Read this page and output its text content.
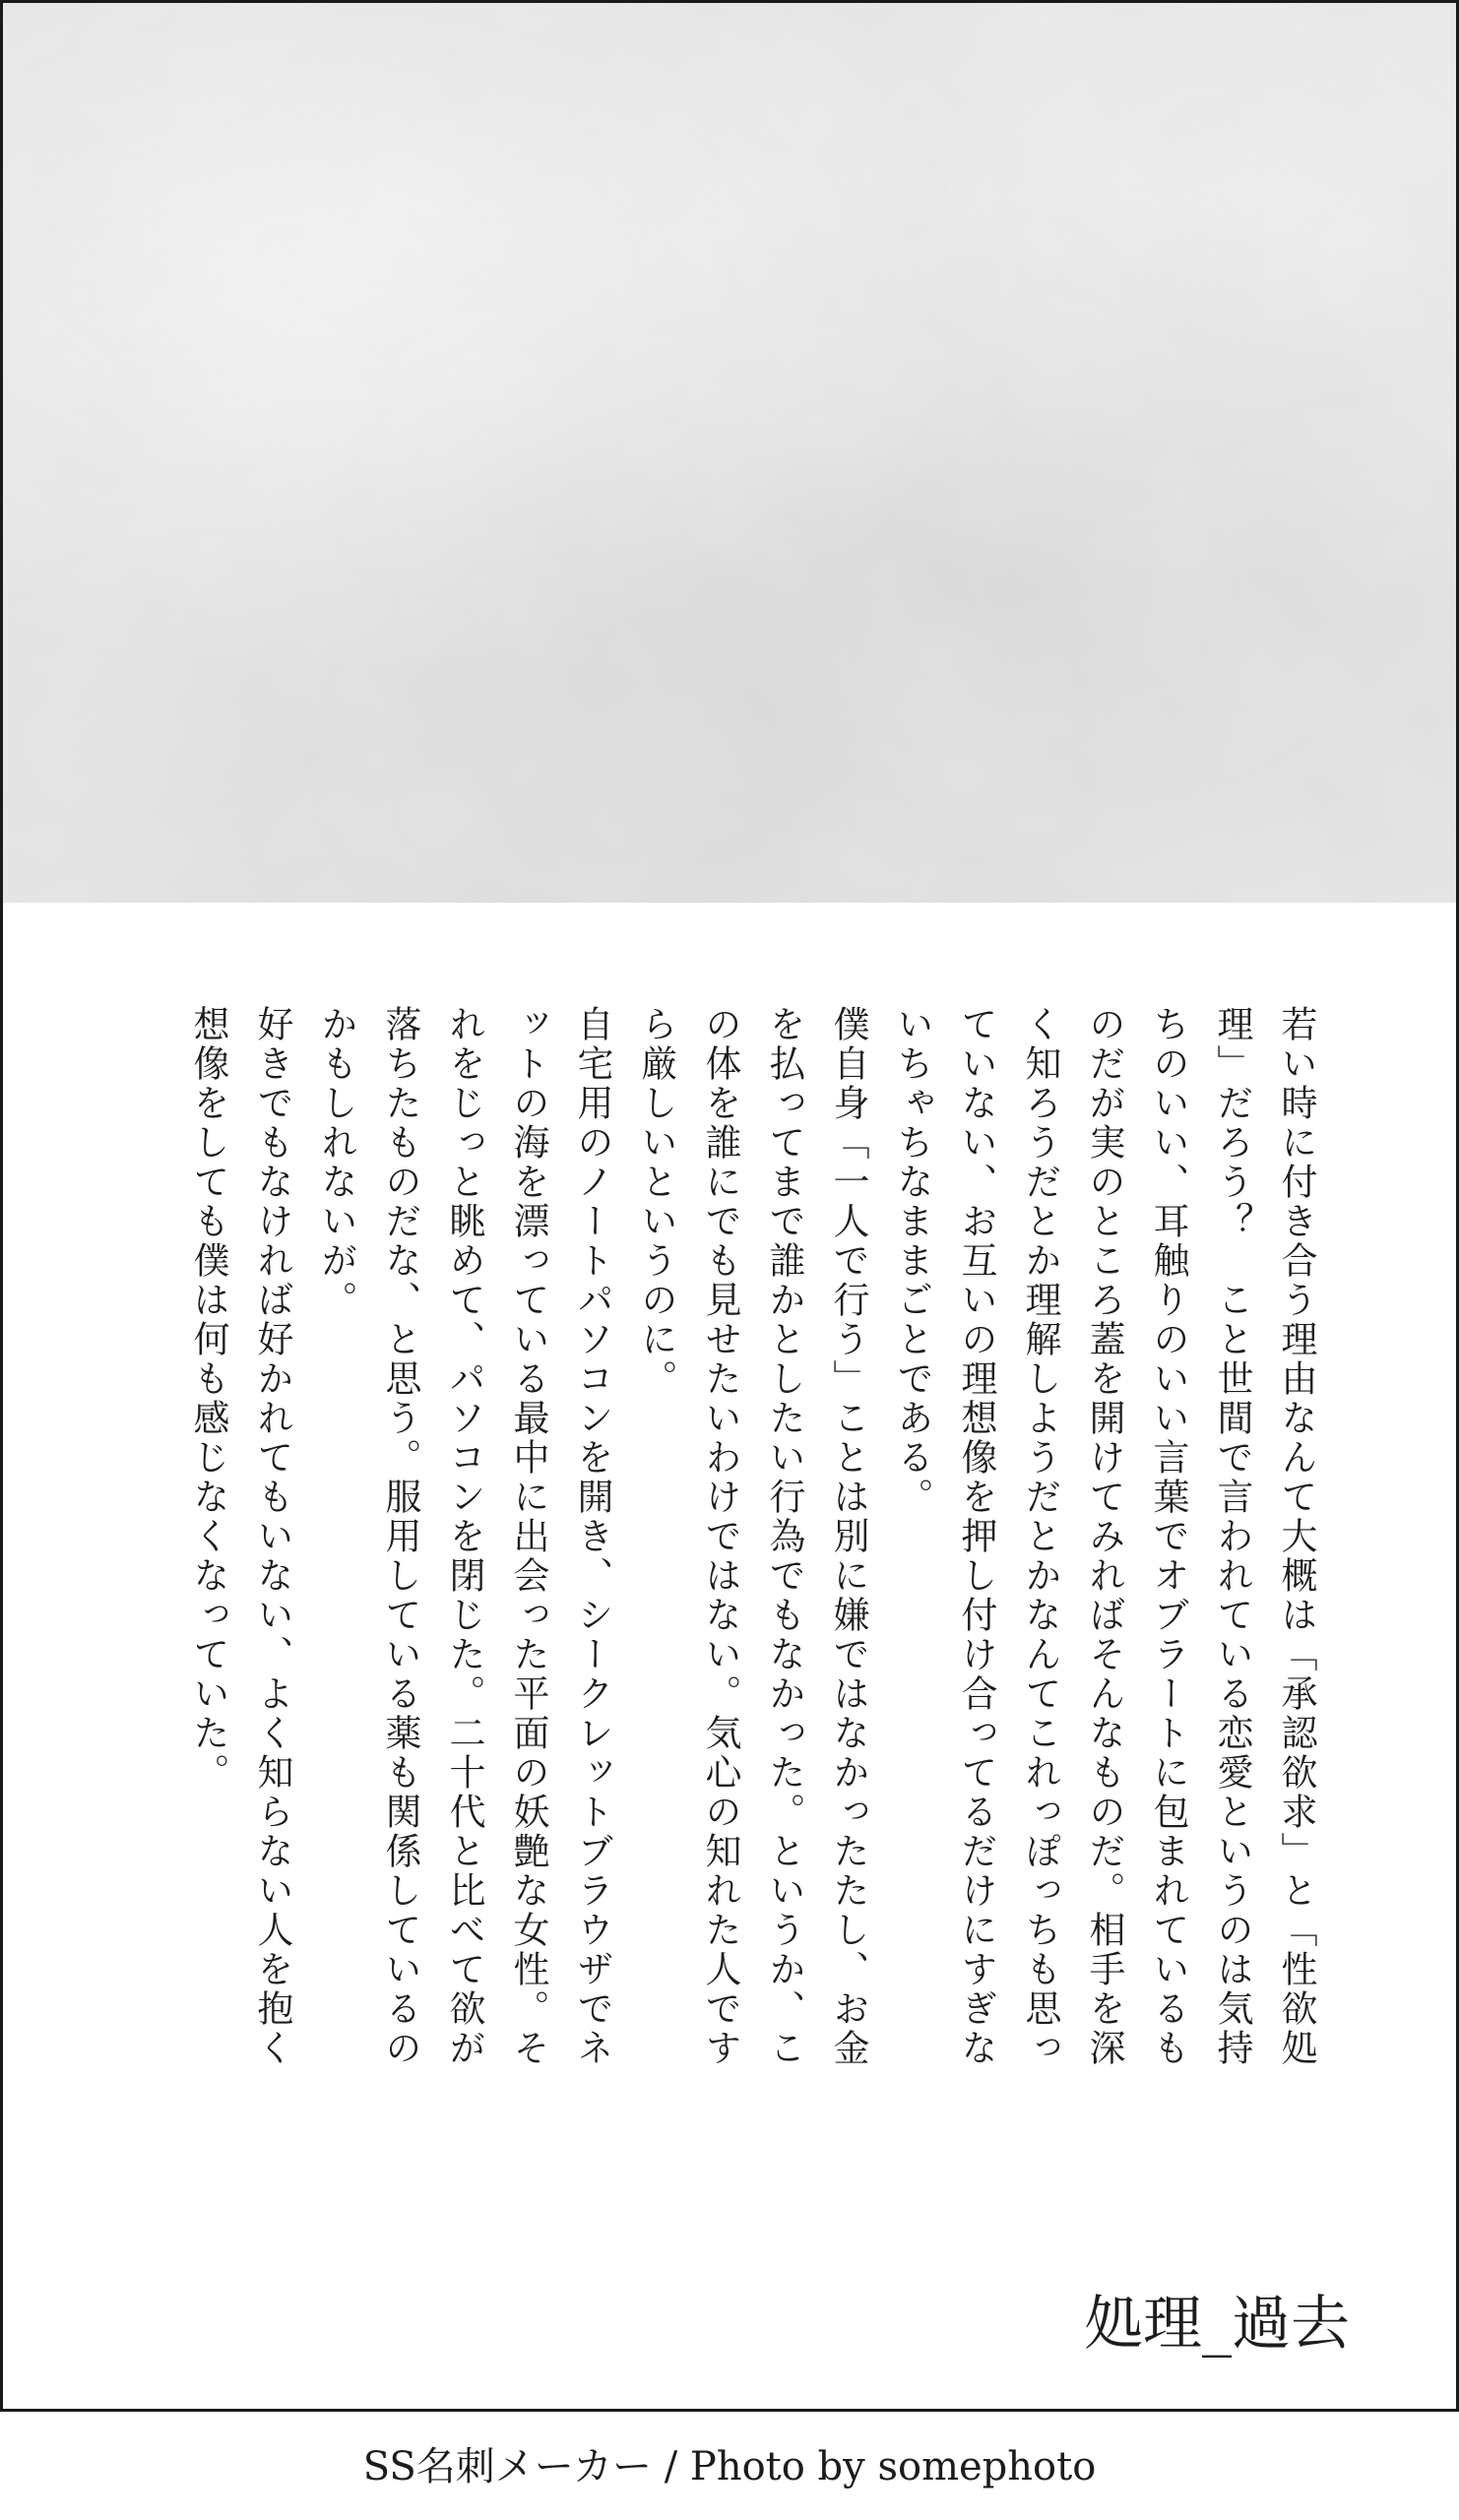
若い時に付き合う理由なんて大概は「承認欲求」と「性欲処理」だろう？　こと世間で言われている恋愛というのは気持ちのいい、耳触りのいい言葉でオブラートに包まれているものだが実のところ蓋を開けてみればそんなものだ。相手を深く知ろうだとか理解しようだとかなんてこれっぽっちも思っていない、お互いの理想像を押し付け合ってるだけにすぎないちゃちなままごとである。

僕自身「一人で行う」ことは別に嫌ではなかったたし、お金を払ってまで誰かとしたい行為でもなかった。というか、この体を誰にでも見せたいわけではない。気心の知れた人ですら厳しいというのに。

自宅用のノートパソコンを開き、シークレットブラウザでネットの海を漂っている最中に出会った平面の妖艶な女性。それをじっと眺めて、パソコンを閉じた。二十代と比べて欲が落ちたものだな、と思う。服用している薬も関係しているのかもしれないが。

好きでもなければ好かれてもいない、よく知らない人を抱く想像をしても僕は何も感じなくなっていた。

処理_過去
SS名刺メーカー / Photo by somephoto
